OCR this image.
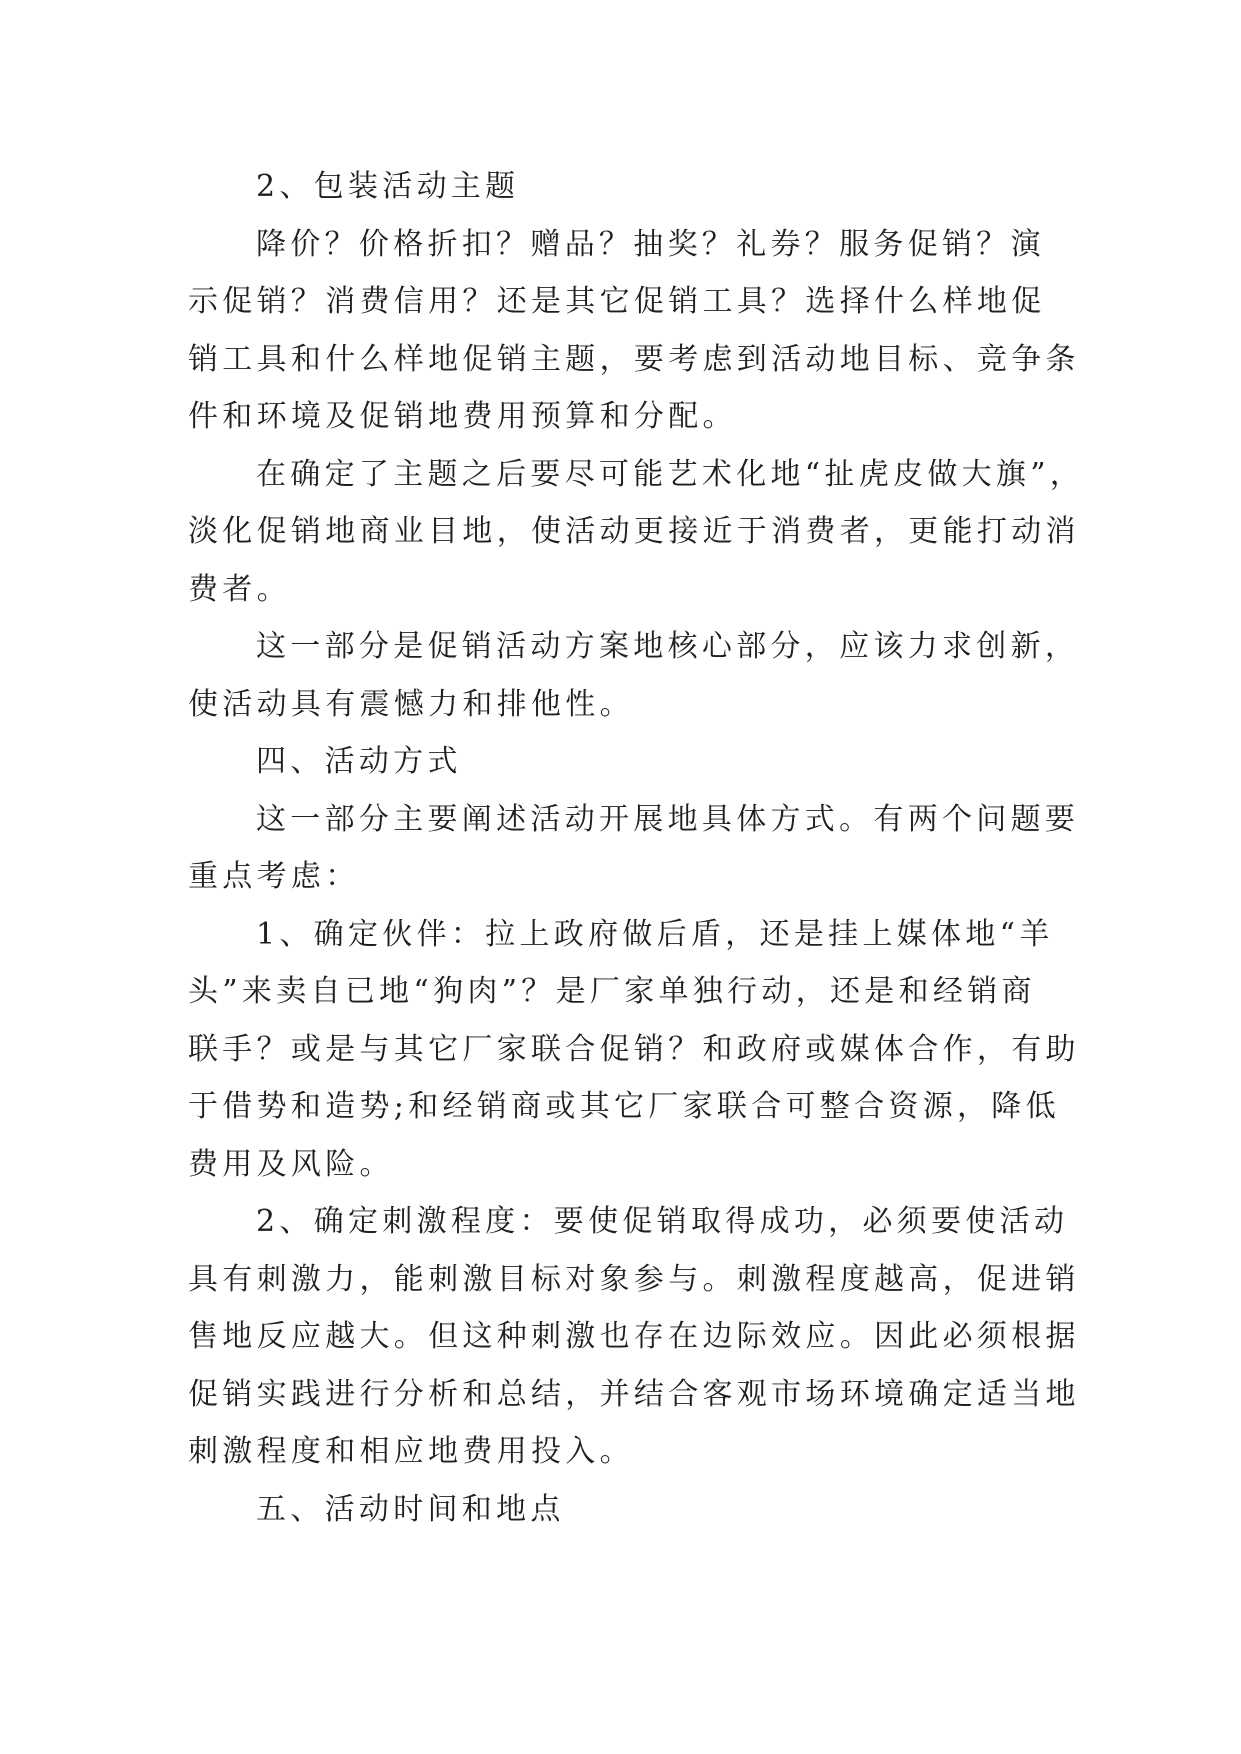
2、包装活动主题
降价？价格折扣？赠品？抽奖？礼券？服务促销？演
示促销？消费信用？还是其它促销工具？选择什么样地促
销工具和什么样地促销主题，要考虑到活动地目标、竞争条
件和环境及促销地费用预算和分配。
在确定了主题之后要尽可能艺术化地“扯虎皮做大旗”，
淡化促销地商业目地，使活动更接近于消费者，更能打动消
费者。
这一部分是促销活动方案地核心部分，应该力求创新，
使活动具有震憾力和排他性。
四、活动方式
这一部分主要阐述活动开展地具体方式。有两个问题要
重点考虑：
1、确定伙伴：拉上政府做后盾，还是挂上媒体地“羊
头”来卖自已地“狗肉”？是厂家单独行动，还是和经销商
联手？或是与其它厂家联合促销？和政府或媒体合作，有助
于借势和造势;和经销商或其它厂家联合可整合资源，降低
费用及风险。
2、确定刺激程度：要使促销取得成功，必须要使活动
具有刺激力，能刺激目标对象参与。刺激程度越高，促进销
售地反应越大。但这种刺激也存在边际效应。因此必须根据
促销实践进行分析和总结，并结合客观市场环境确定适当地
刺激程度和相应地费用投入。
五、活动时间和地点
